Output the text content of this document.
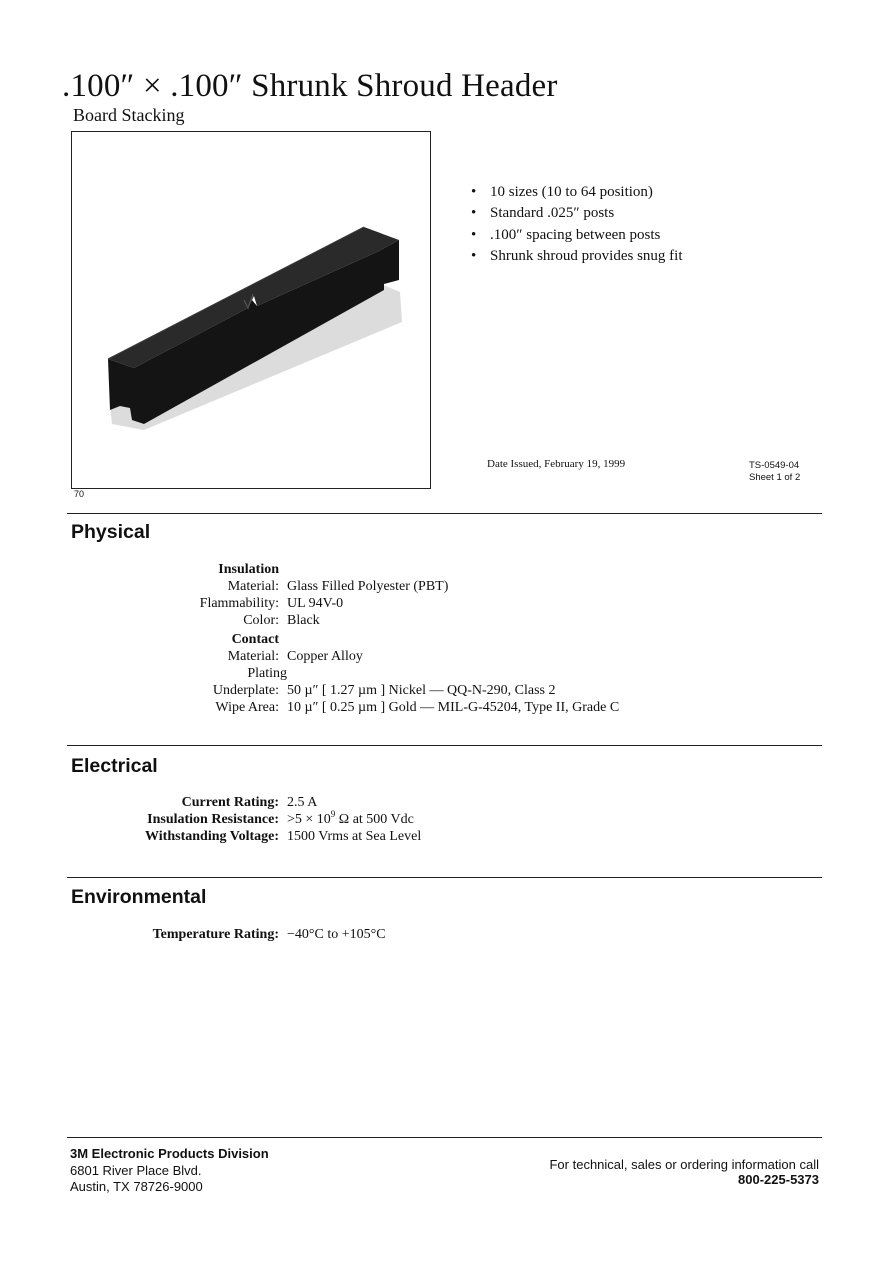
.100″ × .100″ Shrunk Shroud Header
Board Stacking
70
• 10 sizes (10 to 64 position)
• Standard .025″ posts
• .100″ spacing between posts
• Shrunk shroud provides snug fit
Date Issued, February 19, 1999	TS-0549-04
Sheet 1 of 2
Physical
Insulation
Material: Glass Filled Polyester (PBT)
Flammability: UL 94V-0
Color: Black
Contact
Material: Copper Alloy
Plating
Underplate: 50 µ″ [ 1.27 µm ] Nickel — QQ-N-290, Class 2
Wipe Area: 10 µ″ [ 0.25 µm ] Gold — MIL-G-45204, Type II, Grade C
Electrical
Current Rating: 2.5 A
Insulation Resistance: $>5 \times 10^9$ Ω at 500 Vdc
Withstanding Voltage: 1500 Vrms at Sea Level
Environmental
Temperature Rating: −40°C to +105°C
3M Electronic Products Division
6801 River Place Blvd.
Austin, TX 78726-9000
For technical, sales or ordering information call
800-225-5373
